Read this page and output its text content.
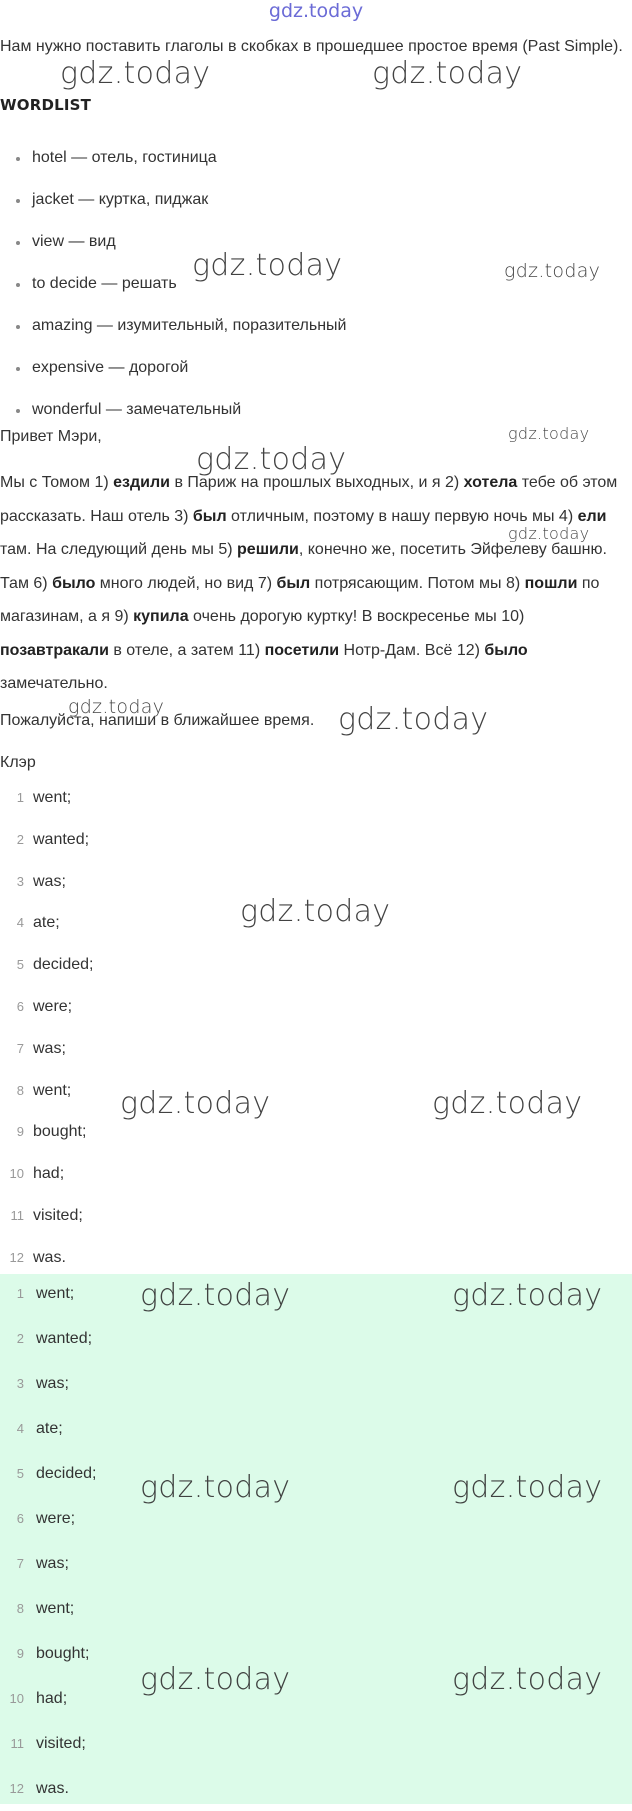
gdz.today
Нам нужно поставить глаголы в скобках в прошедшее простое время (Past Simple).
WORDLIST
hotel — отель, гостиница
jacket — куртка, пиджак
view — вид
to decide — решать
amazing — изумительный, поразительный
expensive — дорогой
wonderful — замечательный
Привет Мэри,
Мы с Томом 1) ездили в Париж на прошлых выходных, и я 2) хотела тебе об этом рассказать. Наш отель 3) был отличным, поэтому в нашу первую ночь мы 4) ели там. На следующий день мы 5) решили, конечно же, посетить Эйфелеву башню. Там 6) было много людей, но вид 7) был потрясающим. Потом мы 8) пошли по магазинам, а я 9) купила очень дорогую куртку! В воскресенье мы 10) позавтракали в отеле, а затем 11) посетили Нотр-Дам. Всё 12) было замечательно.
Пожалуйста, напиши в ближайшее время.
Клэр
1 went;
2 wanted;
3 was;
4 ate;
5 decided;
6 were;
7 was;
8 went;
9 bought;
10 had;
11 visited;
12 was.
1 went;
2 wanted;
3 was;
4 ate;
5 decided;
6 were;
7 was;
8 went;
9 bought;
10 had;
11 visited;
12 was.
gdz.today	gdz.today
gdz.today	gdz.today
gdz.today
gdz.today
gdz.today
gdz.today	gdz.today
gdz.today
gdz.today	gdz.today
gdz.today	gdz.today
gdz.today	gdz.today
gdz.today	gdz.today
